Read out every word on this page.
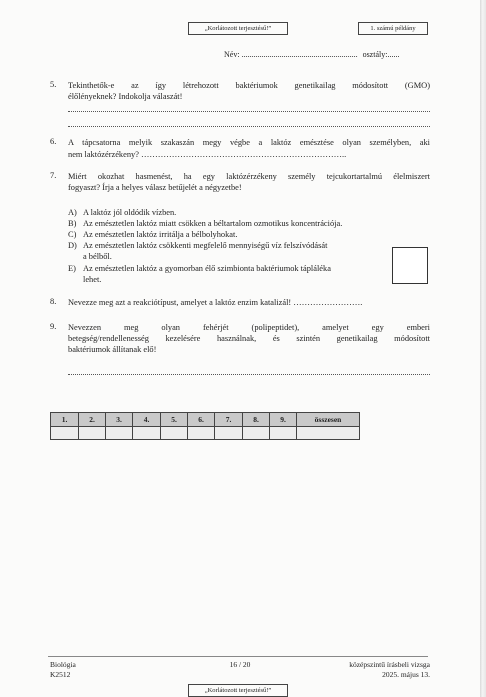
„Korlátozott terjesztésű!”	1. számú példány
Név: .......................................................... osztály:......
5. Tekinthetők-e az így létrehozott baktériumok genetikailag módosított (GMO)
élőlényeknek? Indokolja válaszát!
6. A tápcsatorna melyik szakaszán megy végbe a laktóz emésztése olyan személyben, aki
nem laktózérzékeny? ………………………………………………………………..
7. Miért okozhat hasmenést, ha egy laktózérzékeny személy tejcukortartalmú élelmiszert
fogyaszt? Írja a helyes válasz betűjelét a négyzetbe!
A) A laktóz jól oldódik vízben.
B) Az emésztetlen laktóz miatt csökken a béltartalom ozmotikus koncentrációja.
C) Az emésztetlen laktóz irritálja a bélbolyhokat.
D) Az emésztetlen laktóz csökkenti megfelelő mennyiségű víz felszívódását
a bélből.
E) Az emésztetlen laktóz a gyomorban élő szimbionta baktériumok tápláléka
lehet.
8. Nevezze meg azt a reakciótípust, amelyet a laktóz enzim katalizál! …………………….
9. Nevezzen meg olyan fehérjét (polipeptidet), amelyet egy emberi
betegség/rendellenesség kezelésére használnak, és szintén genetikailag módosított
baktériumok állítanak elő!
1.	2.	3.	4.	5.	6.	7.	8.	9.	összesen

Biológia
K2512
16 / 20	középszintű írásbeli vizsga
2025. május 13.
„Korlátozott terjesztésű!”
